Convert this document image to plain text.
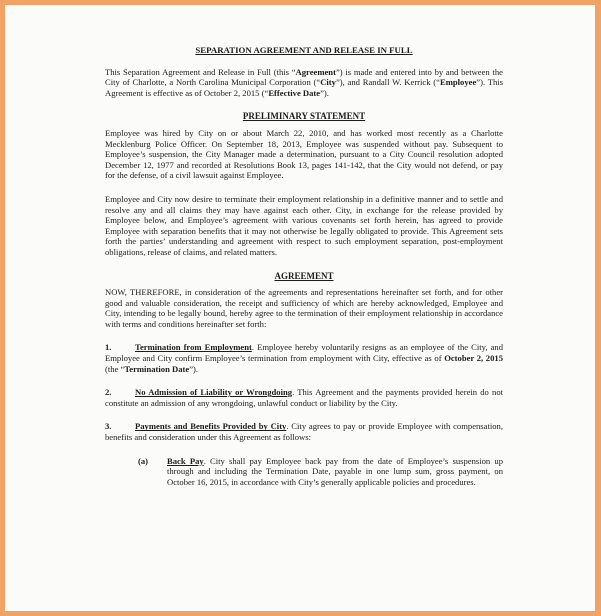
SEPARATION AGREEMENT AND RELEASE IN FULL

This Separation Agreement and Release in Full (this “Agreement”) is made and entered into by and between the City of Charlotte, a North Carolina Municipal Corporation (“City”), and Randall W. Kerrick (“Employee”). This Agreement is effective as of October 2, 2015 (“Effective Date”).

PRELIMINARY STATEMENT

Employee was hired by City on or about March 22, 2010, and has worked most recently as a Charlotte Mecklenburg Police Officer. On September 18, 2013, Employee was suspended without pay. Subsequent to Employee’s suspension, the City Manager made a determination, pursuant to a City Council resolution adopted December 12, 1977 and recorded at Resolutions Book 13, pages 141-142, that the City would not defend, or pay for the defense, of a civil lawsuit against Employee.

Employee and City now desire to terminate their employment relationship in a definitive manner and to settle and resolve any and all claims they may have against each other. City, in exchange for the release provided by Employee below, and Employee’s agreement with various covenants set forth herein, has agreed to provide Employee with separation benefits that it may not otherwise be legally obligated to provide. This Agreement sets forth the parties’ understanding and agreement with respect to such employment separation, post-employment obligations, release of claims, and related matters.

AGREEMENT

NOW, THEREFORE, in consideration of the agreements and representations hereinafter set forth, and for other good and valuable consideration, the receipt and sufficiency of which are hereby acknowledged, Employee and City, intending to be legally bound, hereby agree to the termination of their employment relationship in accordance with terms and conditions hereinafter set forth:

1.	Termination from Employment. Employee hereby voluntarily resigns as an employee of the City, and Employee and City confirm Employee’s termination from employment with City, effective as of October 2, 2015 (the “Termination Date”).
2.	No Admission of Liability or Wrongdoing. This Agreement and the payments provided herein do not constitute an admission of any wrongdoing, unlawful conduct or liability by the City.
3.	Payments and Benefits Provided by City. City agrees to pay or provide Employee with compensation, benefits and consideration under this Agreement as follows:
(a)	Back Pay. City shall pay Employee back pay from the date of Employee’s suspension up through and including the Termination Date, payable in one lump sum, gross payment, on October 16, 2015, in accordance with City’s generally applicable policies and procedures.
